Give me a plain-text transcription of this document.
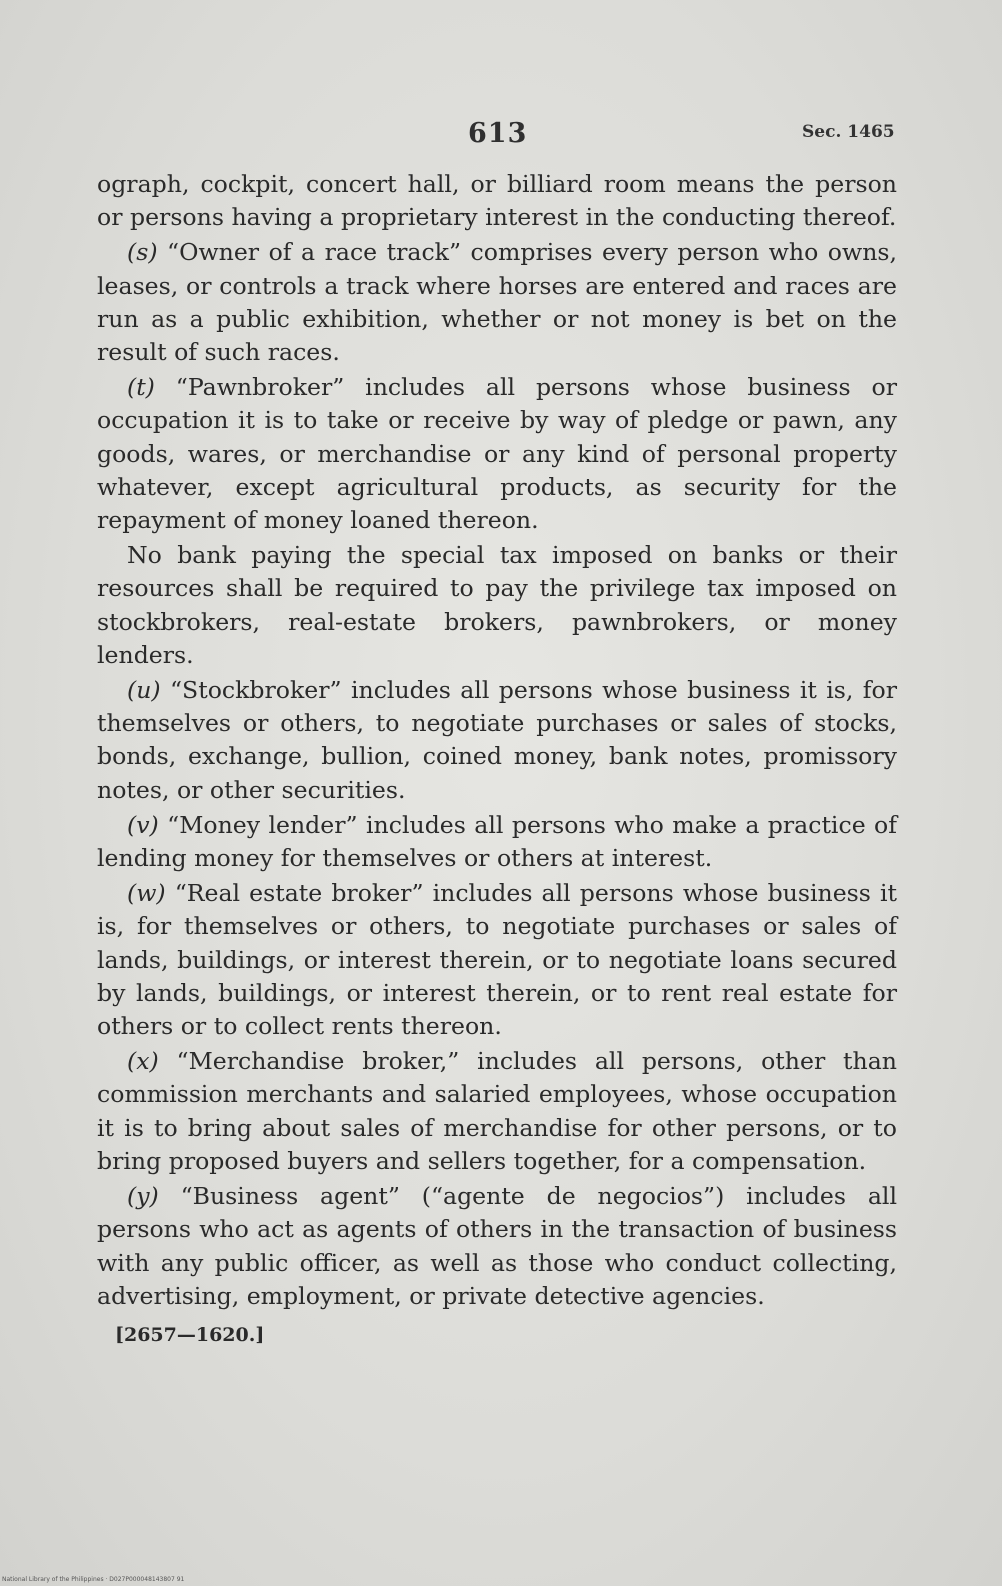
613	Sec. 1465

ograph, cockpit, concert hall, or billiard room means the person or persons having a proprietary interest in the conducting thereof.

(s) “Owner of a race track” comprises every person who owns, leases, or controls a track where horses are entered and races are run as a public exhibition, whether or not money is bet on the result of such races.

(t) “Pawnbroker” includes all persons whose business or occupation it is to take or receive by way of pledge or pawn, any goods, wares, or merchandise or any kind of personal property whatever, except agricultural products, as security for the repayment of money loaned thereon.

No bank paying the special tax imposed on banks or their resources shall be required to pay the privilege tax imposed on stockbrokers, real-estate brokers, pawnbrokers, or money lenders.

(u) “Stockbroker” includes all persons whose business it is, for themselves or others, to negotiate purchases or sales of stocks, bonds, exchange, bullion, coined money, bank notes, promissory notes, or other securities.

(v) “Money lender” includes all persons who make a practice of lending money for themselves or others at interest.

(w) “Real estate broker” includes all persons whose business it is, for themselves or others, to negotiate purchases or sales of lands, buildings, or interest therein, or to negotiate loans secured by lands, buildings, or interest therein, or to rent real estate for others or to collect rents thereon.

(x) “Merchandise broker,” includes all persons, other than commission merchants and salaried employees, whose occupation it is to bring about sales of merchandise for other persons, or to bring proposed buyers and sellers together, for a compensation.

(y) “Business agent” (“agente de negocios”) includes all persons who act as agents of others in the transaction of business with any public officer, as well as those who conduct collecting, advertising, employment, or private detective agencies.

[2657—1620.]
National Library of the Philippines · D027P000048143807 91
